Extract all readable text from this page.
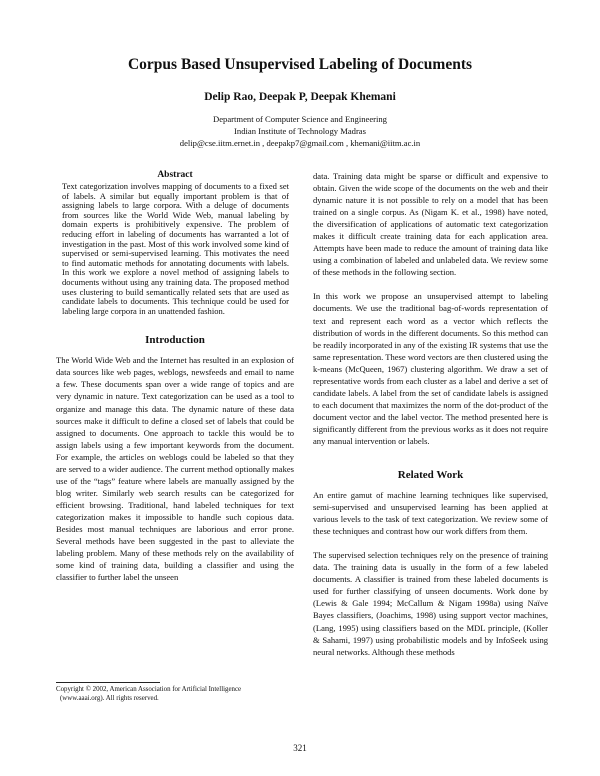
Corpus Based Unsupervised Labeling of Documents
Delip Rao, Deepak P, Deepak Khemani
Department of Computer Science and Engineering
Indian Institute of Technology Madras
delip@cse.iitm.ernet.in , deepakp7@gmail.com , khemani@iitm.ac.in
Abstract

Text categorization involves mapping of documents to a fixed set of labels. A similar but equally important problem is that of assigning labels to large corpora. With a deluge of documents from sources like the World Wide Web, manual labeling by domain experts is prohibitively expensive. The problem of reducing effort in labeling of documents has warranted a lot of investigation in the past. Most of this work involved some kind of supervised or semi-supervised learning. This motivates the need to find automatic methods for annotating documents with labels. In this work we explore a novel method of assigning labels to documents without using any training data. The proposed method uses clustering to build semantically related sets that are used as candidate labels to documents. This technique could be used for labeling large corpora in an unattended fashion.

Introduction

The World Wide Web and the Internet has resulted in an explosion of data sources like web pages, weblogs, newsfeeds and email to name a few. These documents span over a wide range of topics and are very dynamic in nature. Text categorization can be used as a tool to organize and manage this data. The dynamic nature of these data sources make it difficult to define a closed set of labels that could be assigned to documents. One approach to tackle this would be to assign labels using a few important keywords from the document. For example, the articles on weblogs could be labeled so that they are served to a wider audience. The current method optionally makes use of the “tags” feature where labels are manually assigned by the blog writer. Similarly web search results can be categorized for efficient browsing. Traditional, hand labeled techniques for text categorization makes it impossible to handle such copious data. Besides most manual techniques are laborious and error prone. Several methods have been suggested in the past to alleviate the labeling problem. Many of these methods rely on the availability of some kind of training data, building a classifier and using the classifier to further label the unseen

data. Training data might be sparse or difficult and expensive to obtain. Given the wide scope of the documents on the web and their dynamic nature it is not possible to rely on a model that has been trained on a single corpus. As (Nigam K. et al., 1998) have noted, the diversification of applications of automatic text categorization makes it difficult create training data for each application area. Attempts have been made to reduce the amount of training data like using a combination of labeled and unlabeled data. We review some of these methods in the following section.

In this work we propose an unsupervised attempt to labeling documents. We use the traditional bag-of-words representation of text and represent each word as a vector which reflects the distribution of words in the different documents. So this method can be readily incorporated in any of the existing IR systems that use the same representation. These word vectors are then clustered using the k-means (McQueen, 1967) clustering algorithm. We draw a set of representative words from each cluster as a label and derive a set of candidate labels. A label from the set of candidate labels is assigned to each document that maximizes the norm of the dot-product of the document vector and the label vector. The method presented here is significantly different from the previous works as it does not require any manual intervention or labels.

Related Work

An entire gamut of machine learning techniques like supervised, semi-supervised and unsupervised learning has been applied at various levels to the task of text categorization. We review some of these techniques and contrast how our work differs from them.

The supervised selection techniques rely on the presence of training data. The training data is usually in the form of a few labeled documents. A classifier is trained from these labeled documents is used for further classifying of unseen documents. Work done by (Lewis & Gale 1994; McCallum & Nigam 1998a) using Naïve Bayes classifiers, (Joachims, 1998) using support vector machines, (Lang, 1995) using classifiers based on the MDL principle, (Koller & Sahami, 1997) using probabilistic models and by InfoSeek using neural networks. Although these methods

Copyright © 2002, American Association for Artificial Intelligence
(www.aaai.org). All rights reserved.
321
